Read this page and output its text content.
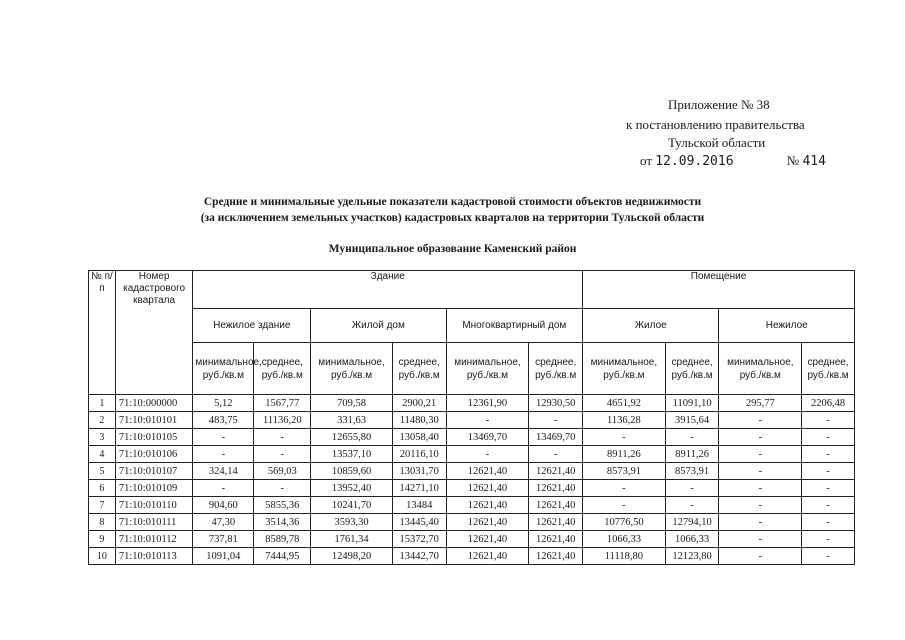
Приложение № 38
к постановлению правительства
Тульской области
от 12.09.2016	№ 414
Средние и минимальные удельные показатели кадастровой стоимости объектов недвижимости
(за исключением земельных участков) кадастровых кварталов на территории Тульской области
Муниципальное образование Каменский район
№ п/п	Номер кадастрового квартала	Здание						Помещение			
		Нежилое здание		Жилой дом		Многоквартирный дом		Жилое		Нежилое	
		минимальное, руб./кв.м	среднее, руб./кв.м	минимальное, руб./кв.м	среднее, руб./кв.м	минимальное, руб./кв.м	среднее, руб./кв.м	минимальное, руб./кв.м	среднее, руб./кв.м	минимальное, руб./кв.м	среднее, руб./кв.м
1	71:10:000000	5,12	1567,77	709,58	2900,21	12361,90	12930,50	4651,92	11091,10	295,77	2206,48
2	71:10:010101	483,75	11136,20	331,63	11480,30	-	-	1136,28	3915,64	-	-
3	71:10:010105	-	-	12655,80	13058,40	13469,70	13469,70	-	-	-	-
4	71:10:010106	-	-	13537,10	20116,10	-	-	8911,26	8911,26	-	-
5	71:10:010107	324,14	569,03	10859,60	13031,70	12621,40	12621,40	8573,91	8573,91	-	-
6	71:10:010109	-	-	13952,40	14271,10	12621,40	12621,40	-	-	-	-
7	71:10:010110	904,60	5855,36	10241,70	13484	12621,40	12621,40	-	-	-	-
8	71:10:010111	47,30	3514,36	3593,30	13445,40	12621,40	12621,40	10776,50	12794,10	-	-
9	71:10:010112	737,81	8589,78	1761,34	15372,70	12621,40	12621,40	1066,33	1066,33	-	-
10	71:10:010113	1091,04	7444,95	12498,20	13442,70	12621,40	12621,40	11118,80	12123,80	-	-
